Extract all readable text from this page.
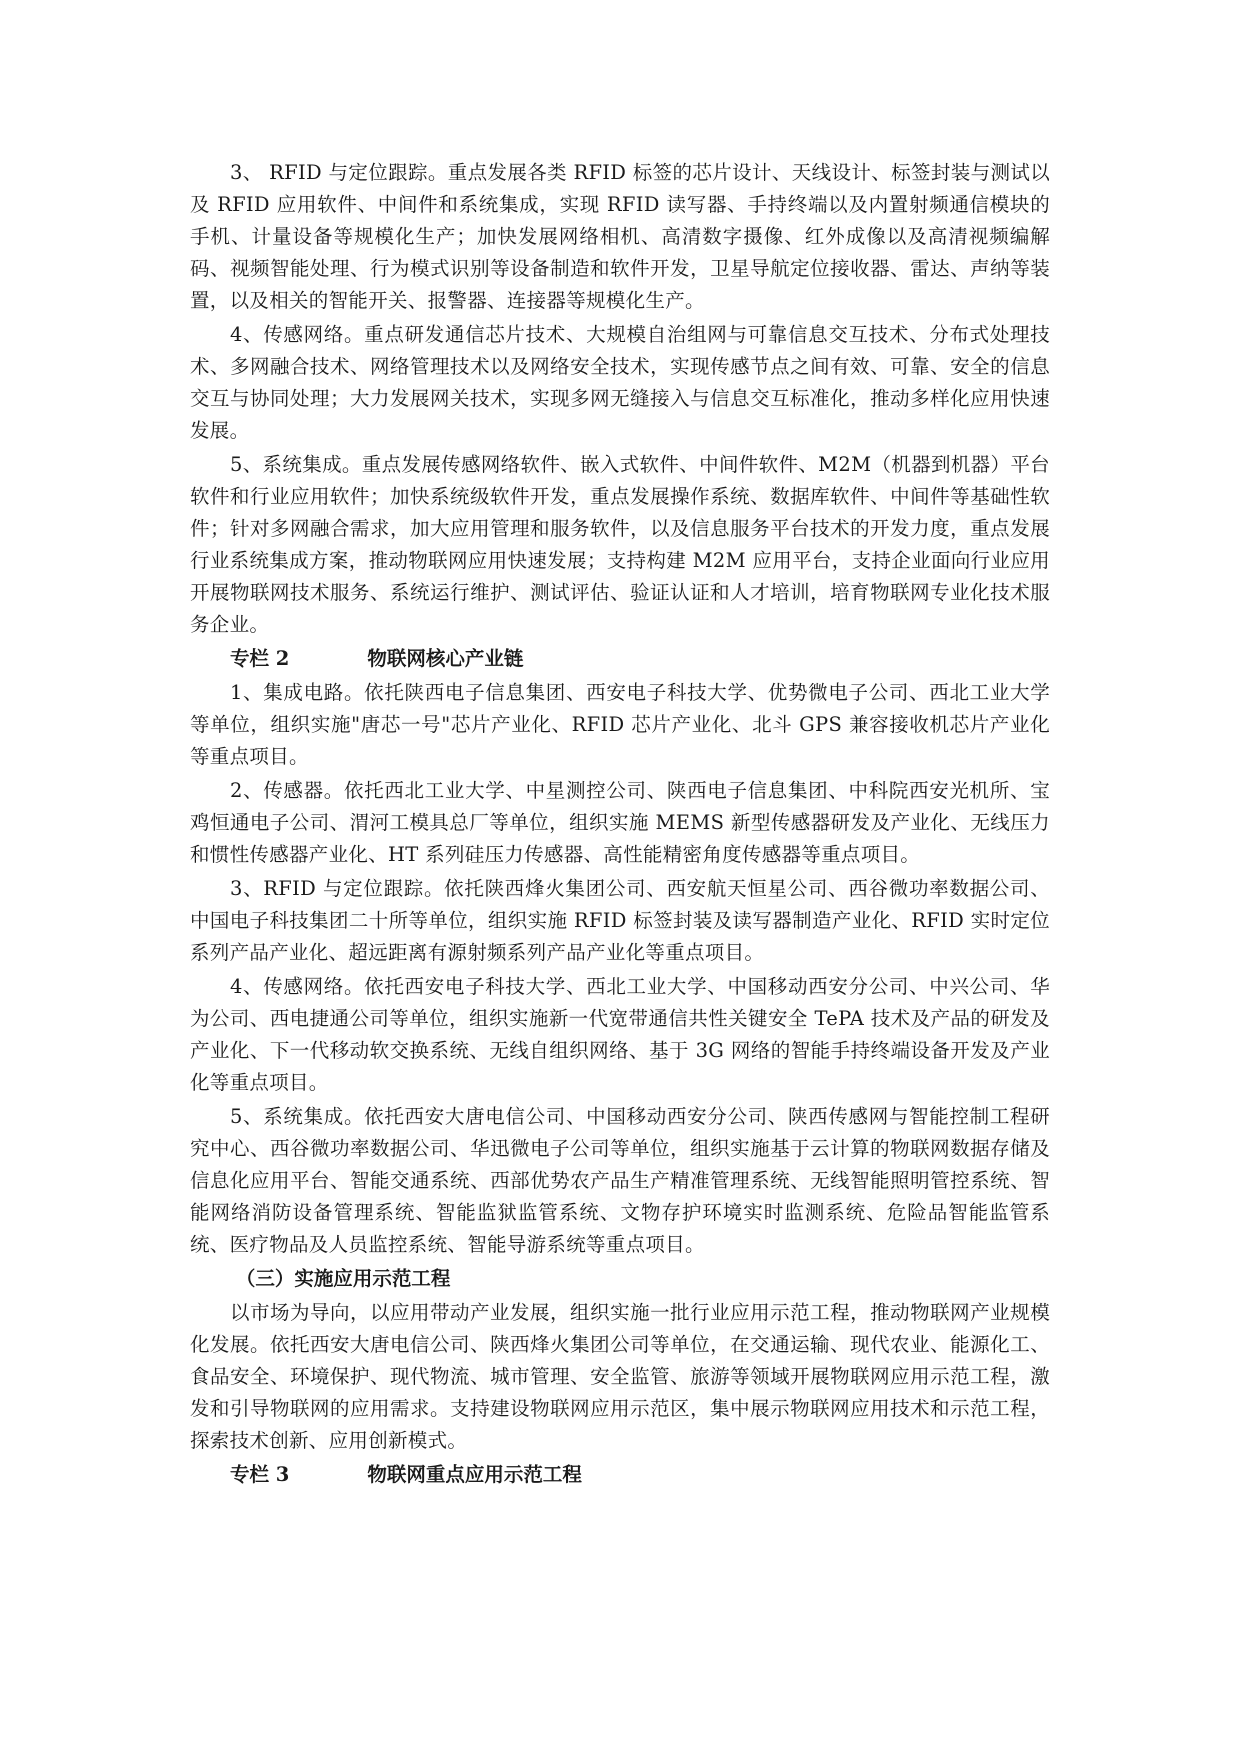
3、 RFID 与定位跟踪。重点发展各类 RFID 标签的芯片设计、天线设计、标签封装与测试以及 RFID 应用软件、中间件和系统集成，实现 RFID 读写器、手持终端以及内置射频通信模块的手机、计量设备等规模化生产；加快发展网络相机、高清数字摄像、红外成像以及高清视频编解码、视频智能处理、行为模式识别等设备制造和软件开发，卫星导航定位接收器、雷达、声纳等装置，以及相关的智能开关、报警器、连接器等规模化生产。

4、传感网络。重点研发通信芯片技术、大规模自治组网与可靠信息交互技术、分布式处理技术、多网融合技术、网络管理技术以及网络安全技术，实现传感节点之间有效、可靠、安全的信息交互与协同处理；大力发展网关技术，实现多网无缝接入与信息交互标准化，推动多样化应用快速发展。

5、系统集成。重点发展传感网络软件、嵌入式软件、中间件软件、M2M（机器到机器）平台软件和行业应用软件；加快系统级软件开发，重点发展操作系统、数据库软件、中间件等基础性软件；针对多网融合需求，加大应用管理和服务软件，以及信息服务平台技术的开发力度，重点发展行业系统集成方案，推动物联网应用快速发展；支持构建 M2M 应用平台，支持企业面向行业应用开展物联网技术服务、系统运行维护、测试评估、验证认证和人才培训，培育物联网专业化技术服务企业。

专栏 2	物联网核心产业链

1、集成电路。依托陕西电子信息集团、西安电子科技大学、优势微电子公司、西北工业大学等单位，组织实施"唐芯一号"芯片产业化、RFID 芯片产业化、北斗 GPS 兼容接收机芯片产业化等重点项目。

2、传感器。依托西北工业大学、中星测控公司、陕西电子信息集团、中科院西安光机所、宝鸡恒通电子公司、渭河工模具总厂等单位，组织实施 MEMS 新型传感器研发及产业化、无线压力和惯性传感器产业化、HT 系列硅压力传感器、高性能精密角度传感器等重点项目。

3、RFID 与定位跟踪。依托陕西烽火集团公司、西安航天恒星公司、西谷微功率数据公司、中国电子科技集团二十所等单位，组织实施 RFID 标签封装及读写器制造产业化、RFID 实时定位系列产品产业化、超远距离有源射频系列产品产业化等重点项目。

4、传感网络。依托西安电子科技大学、西北工业大学、中国移动西安分公司、中兴公司、华为公司、西电捷通公司等单位，组织实施新一代宽带通信共性关键安全 TePA 技术及产品的研发及产业化、下一代移动软交换系统、无线自组织网络、基于 3G 网络的智能手持终端设备开发及产业化等重点项目。

5、系统集成。依托西安大唐电信公司、中国移动西安分公司、陕西传感网与智能控制工程研究中心、西谷微功率数据公司、华迅微电子公司等单位，组织实施基于云计算的物联网数据存储及信息化应用平台、智能交通系统、西部优势农产品生产精准管理系统、无线智能照明管控系统、智能网络消防设备管理系统、智能监狱监管系统、文物存护环境实时监测系统、危险品智能监管系统、医疗物品及人员监控系统、智能导游系统等重点项目。

（三）实施应用示范工程

以市场为导向，以应用带动产业发展，组织实施一批行业应用示范工程，推动物联网产业规模化发展。依托西安大唐电信公司、陕西烽火集团公司等单位，在交通运输、现代农业、能源化工、食品安全、环境保护、现代物流、城市管理、安全监管、旅游等领域开展物联网应用示范工程，激发和引导物联网的应用需求。支持建设物联网应用示范区，集中展示物联网应用技术和示范工程，探索技术创新、应用创新模式。

专栏 3	物联网重点应用示范工程
